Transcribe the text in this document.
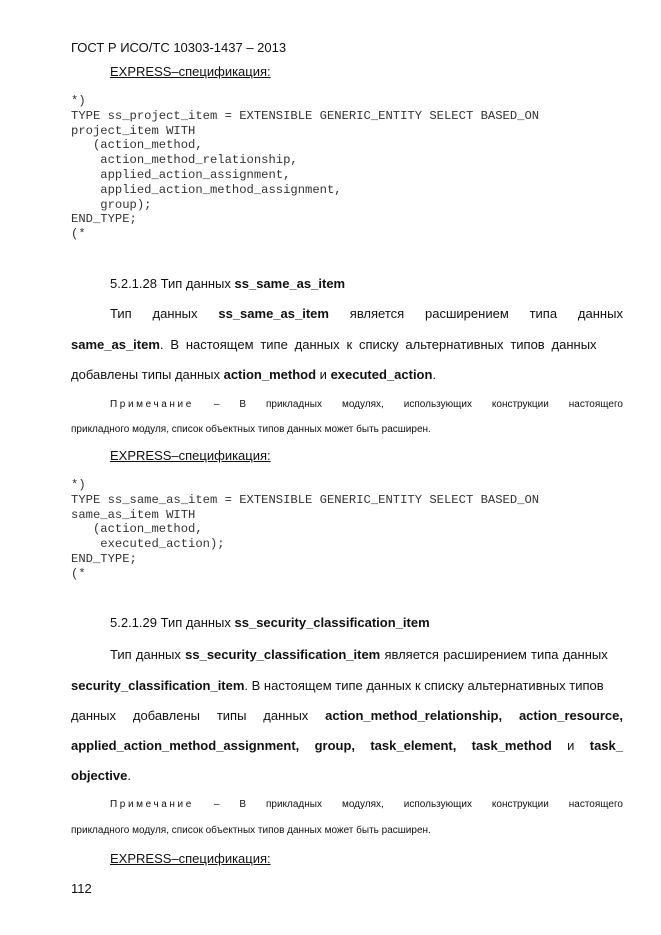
ГОСТ Р ИСО/ТС 10303-1437 – 2013
EXPRESS–спецификация:
*)
TYPE ss_project_item = EXTENSIBLE GENERIC_ENTITY SELECT BASED_ON
project_item WITH
(action_method,
action_method_relationship,
applied_action_assignment,
applied_action_method_assignment,
group);
END_TYPE;
(*
5.2.1.28 Тип данных ss_same_as_item
Тип данных ss_same_as_item является расширением типа данных
same_as_item. В настоящем типе данных к списку альтернативных типов данных
добавлены типы данных action_method и executed_action.
Примечание – В прикладных модулях, использующих конструкции настоящего
прикладного модуля, список объектных типов данных может быть расширен.
EXPRESS–спецификация:
*)
TYPE ss_same_as_item = EXTENSIBLE GENERIC_ENTITY SELECT BASED_ON
same_as_item WITH
(action_method,
executed_action);
END_TYPE;
(*
5.2.1.29 Тип данных ss_security_classification_item
Тип данных ss_security_classification_item является расширением типа данных
security_classification_item. В настоящем типе данных к списку альтернативных типов
данных добавлены типы данных action_method_relationship, action_resource,
applied_action_method_assignment, group, task_element, task_method и task_
objective.
Примечание – В прикладных модулях, использующих конструкции настоящего
прикладного модуля, список объектных типов данных может быть расширен.
EXPRESS–спецификация:
112
